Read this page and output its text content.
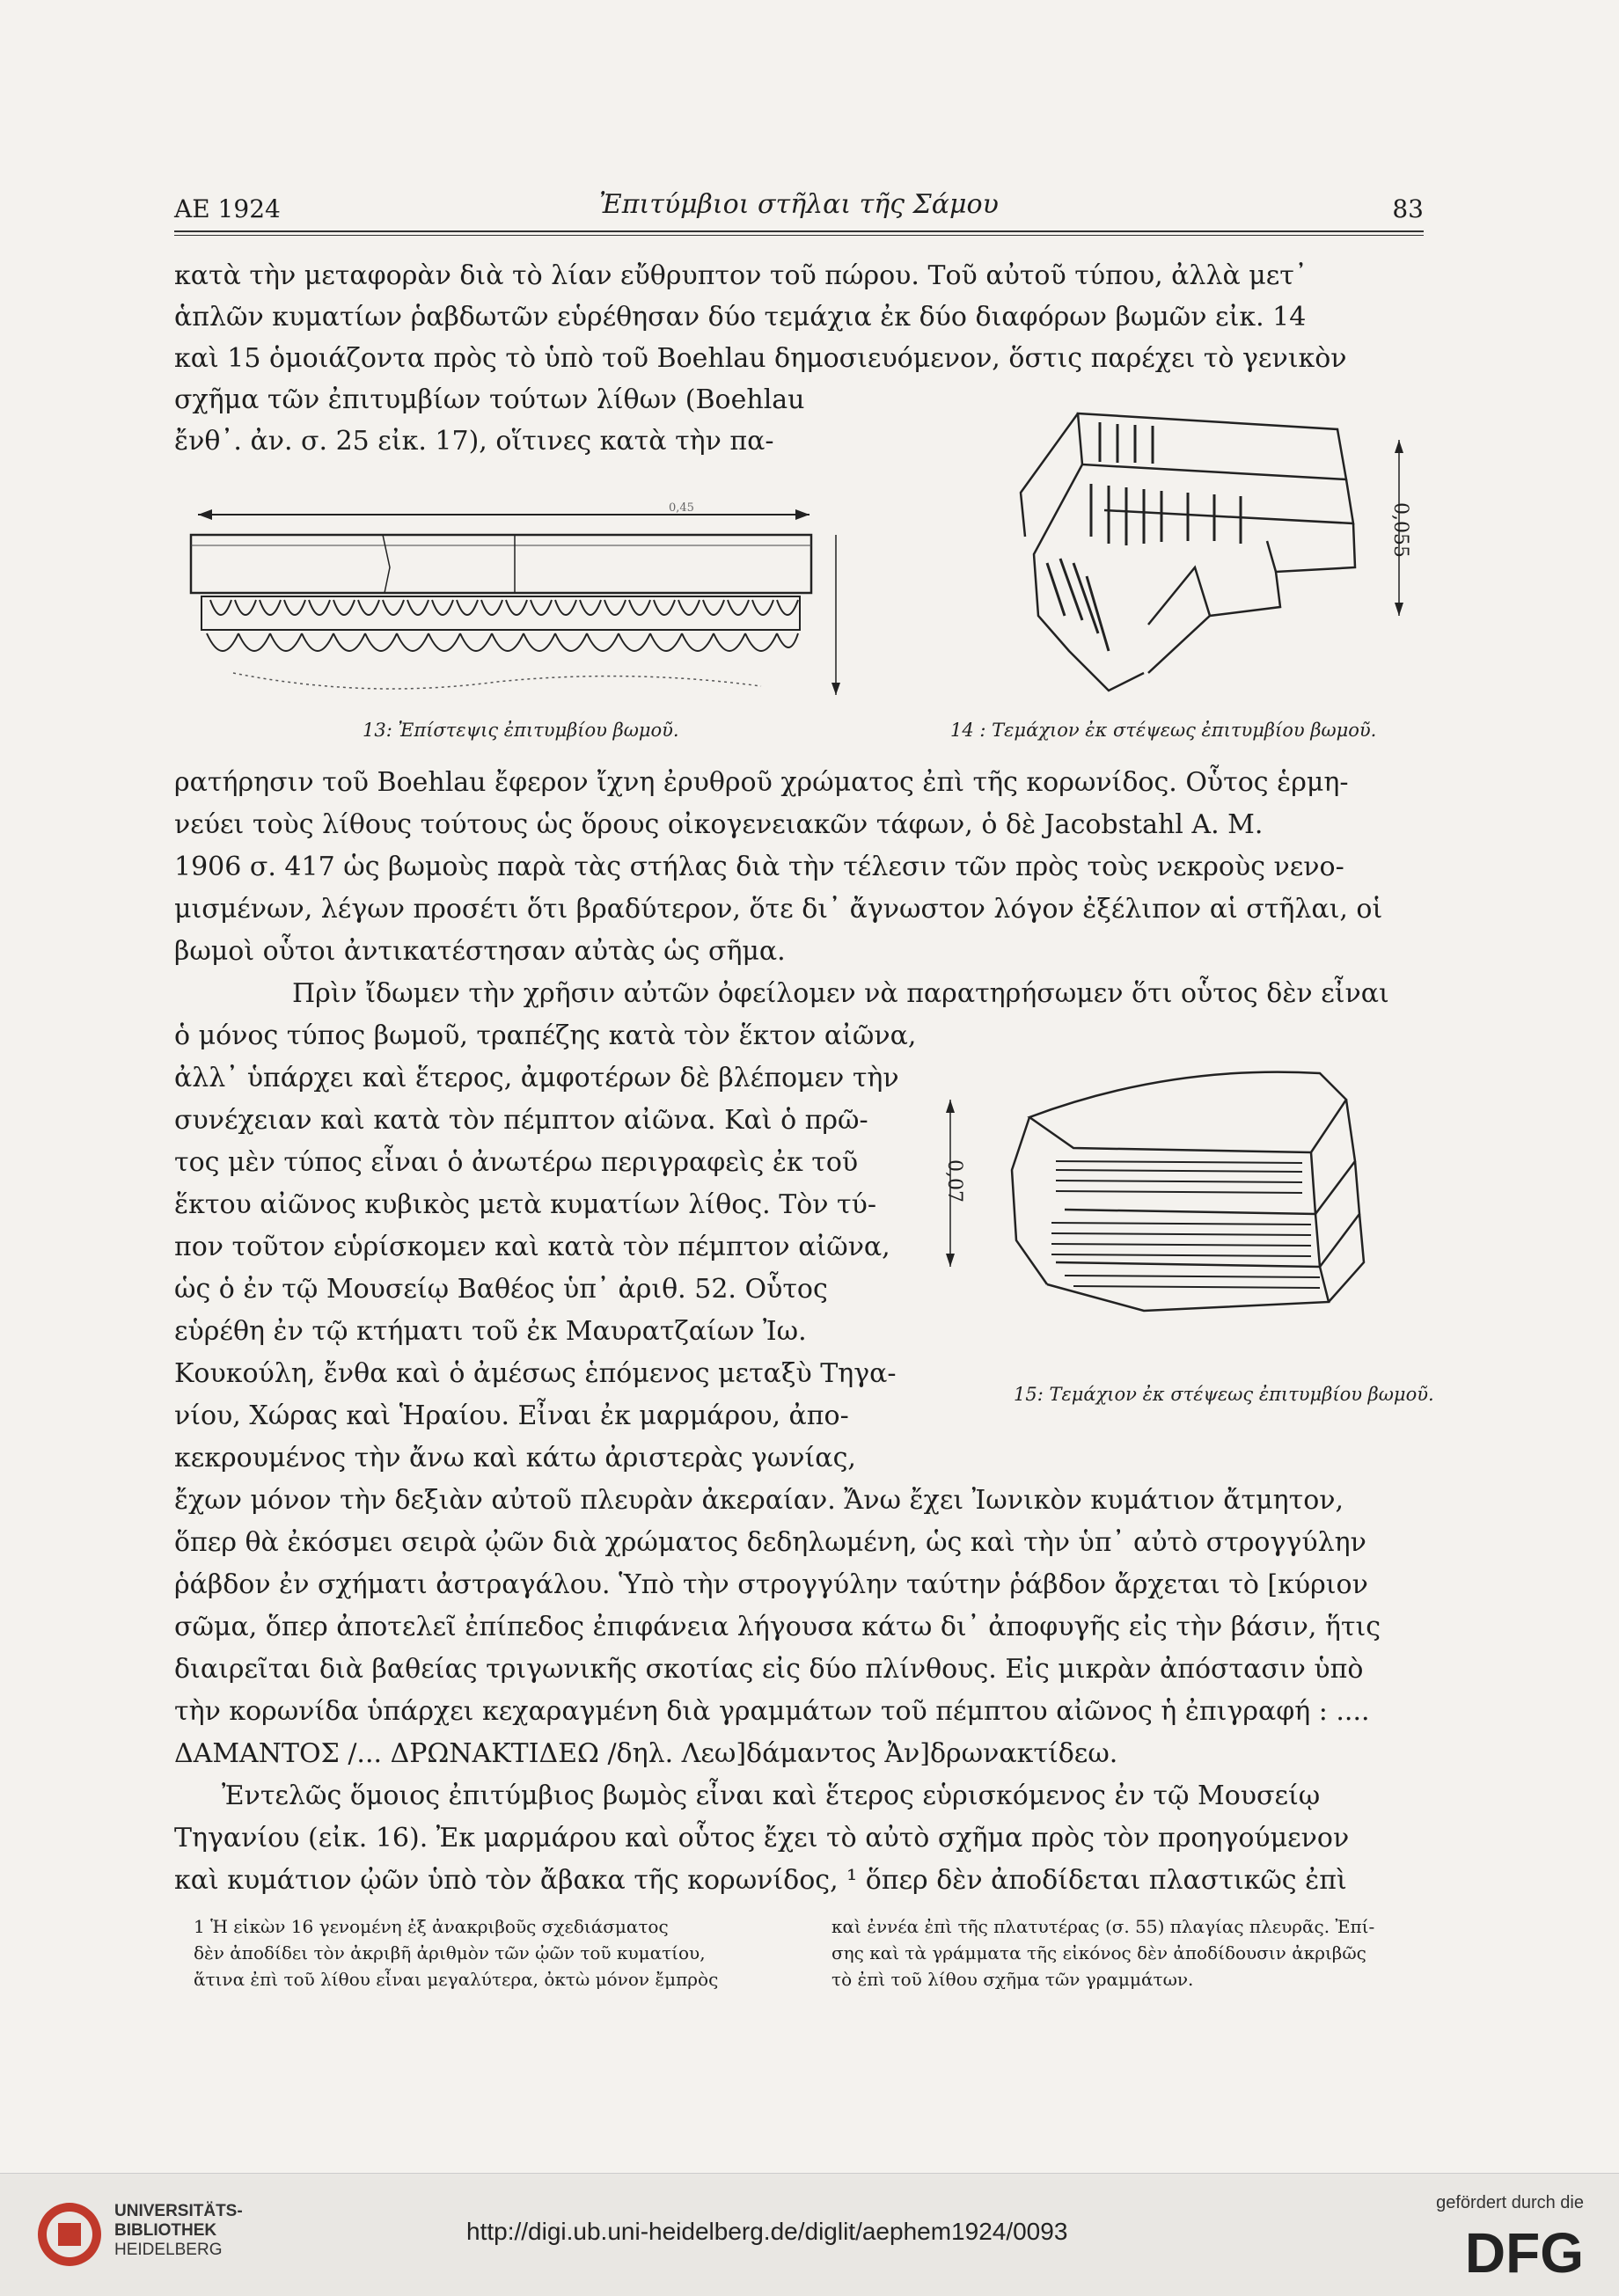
ΑΕ 1924	Ἐπιτύμβιοι στῆλαι τῆς Σάμου	83
κατὰ τὴν μεταφορὰν διὰ τὸ λίαν εὔθρυπτον τοῦ πώρου. Τοῦ αὐτοῦ τύπου, ἀλλὰ μετ᾽
ἁπλῶν κυματίων ῥαβδωτῶν εὑρέθησαν δύο τεμάχια ἐκ δύο διαφόρων βωμῶν εἰκ. 14
καὶ 15 ὁμοιάζοντα πρὸς τὸ ὑπὸ τοῦ Boehlau δημοσιευόμενον, ὅστις παρέχει τὸ γενικὸν
σχῆμα τῶν ἐπιτυμβίων τούτων λίθων (Boehlau
ἔνθ᾽. ἀν. σ. 25 εἰκ. 17), οἵτινες κατὰ τὴν πα-
0,45
13: Ἐπίστεψις ἐπιτυμβίου βωμοῦ.
0,055
14 : Τεμάχιον ἐκ στέψεως ἐπιτυμβίου βωμοῦ.
ρατήρησιν τοῦ Boehlau ἔφερον ἴχνη ἐρυθροῦ χρώματος ἐπὶ τῆς κορωνίδος. Οὗτος ἑρμη-
νεύει τοὺς λίθους τούτους ὡς ὅρους οἰκογενειακῶν τάφων, ὁ δὲ Jacobstahl Α. Μ.
1906 σ. 417 ὡς βωμοὺς παρὰ τὰς στήλας διὰ τὴν τέλεσιν τῶν πρὸς τοὺς νεκροὺς νενο-
μισμένων, λέγων προσέτι ὅτι βραδύτερον, ὅτε δι᾽ ἄγνωστον λόγον ἐξέλιπον αἱ στῆλαι, οἱ
βωμοὶ οὗτοι ἀντικατέστησαν αὐτὰς ὡς σῆμα.
Πρὶν ἴδωμεν τὴν χρῆσιν αὐτῶν ὀφείλομεν νὰ παρατηρήσωμεν ὅτι οὗτος δὲν εἶναι
ὁ μόνος τύπος βωμοῦ, τραπέζης κατὰ τὸν ἕκτον αἰῶνα,
ἀλλ᾽ ὑπάρχει καὶ ἕτερος, ἀμφοτέρων δὲ βλέπομεν τὴν
συνέχειαν καὶ κατὰ τὸν πέμπτον αἰῶνα. Καὶ ὁ πρῶ-
τος μὲν τύπος εἶναι ὁ ἀνωτέρω περιγραφεὶς ἐκ τοῦ
ἕκτου αἰῶνος κυβικὸς μετὰ κυματίων λίθος. Τὸν τύ-
πον τοῦτον εὑρίσκομεν καὶ κατὰ τὸν πέμπτον αἰῶνα,
ὡς ὁ ἐν τῷ Μουσείῳ Βαθέος ὑπ᾽ ἀριθ. 52. Οὗτος
εὑρέθη ἐν τῷ κτήματι τοῦ ἐκ Μαυρατζαίων Ἰω.
Κουκούλη, ἔνθα καὶ ὁ ἀμέσως ἑπόμενος μεταξὺ Τηγα-
νίου, Χώρας καὶ Ἡραίου. Εἶναι ἐκ μαρμάρου, ἀπο-
κεκρουμένος τὴν ἄνω καὶ κάτω ἀριστερὰς γωνίας,
0,07
15: Τεμάχιον ἐκ στέψεως ἐπιτυμβίου βωμοῦ.
ἔχων μόνον τὴν δεξιὰν αὐτοῦ πλευρὰν ἀκεραίαν. Ἄνω ἔχει Ἰωνικὸν κυμάτιον ἄτμητον,
ὅπερ θὰ ἐκόσμει σειρὰ ᾠῶν διὰ χρώματος δεδηλωμένη, ὡς καὶ τὴν ὑπ᾽ αὐτὸ στρογγύλην
ῥάβδον ἐν σχήματι ἀστραγάλου. Ὑπὸ τὴν στρογγύλην ταύτην ῥάβδον ἄρχεται τὸ [κύριον
σῶμα, ὅπερ ἀποτελεῖ ἐπίπεδος ἐπιφάνεια λήγουσα κάτω δι᾽ ἀποφυγῆς εἰς τὴν βάσιν, ἥτις
διαιρεῖται διὰ βαθείας τριγωνικῆς σκοτίας εἰς δύο πλίνθους. Εἰς μικρὰν ἀπόστασιν ὑπὸ
τὴν κορωνίδα ὑπάρχει κεχαραγμένη διὰ γραμμάτων τοῦ πέμπτου αἰῶνος ἡ ἐπιγραφή : ....
ΔΑΜΑΝΤΟΣ /... ΔΡΩΝΑΚΤΙΔΕΩ /δηλ. Λεω]δάμαντος Ἀν]δρωνακτίδεω.
Ἐντελῶς ὅμοιος ἐπιτύμβιος βωμὸς εἶναι καὶ ἕτερος εὑρισκόμενος ἐν τῷ Μουσείῳ
Τηγανίου (εἰκ. 16). Ἐκ μαρμάρου καὶ οὗτος ἔχει τὸ αὐτὸ σχῆμα πρὸς τὸν προηγούμενον
καὶ κυμάτιον ᾠῶν ὑπὸ τὸν ἄβακα τῆς κορωνίδος, ¹ ὅπερ δὲν ἀποδίδεται πλαστικῶς ἐπὶ
1 Ἡ εἰκὼν 16 γενομένη ἐξ ἀνακριβοῦς σχεδιάσματος
δὲν ἀποδίδει τὸν ἀκριβῆ ἀριθμὸν τῶν ᾠῶν τοῦ κυματίου,
ἅτινα ἐπὶ τοῦ λίθου εἶναι μεγαλύτερα, ὀκτὼ μόνον ἔμπρὸς
καὶ ἐννέα ἐπὶ τῆς πλατυτέρας (σ. 55) πλαγίας πλευρᾶς. Ἐπί-
σης καὶ τὰ γράμματα τῆς εἰκόνος δὲν ἀποδίδουσιν ἀκριβῶς
τὸ ἐπὶ τοῦ λίθου σχῆμα τῶν γραμμάτων.
UNIVERSITÄTS-
BIBLIOTHEK
HEIDELBERG
http://digi.ub.uni-heidelberg.de/diglit/aephem1924/0093
gefördert durch die
DFG
